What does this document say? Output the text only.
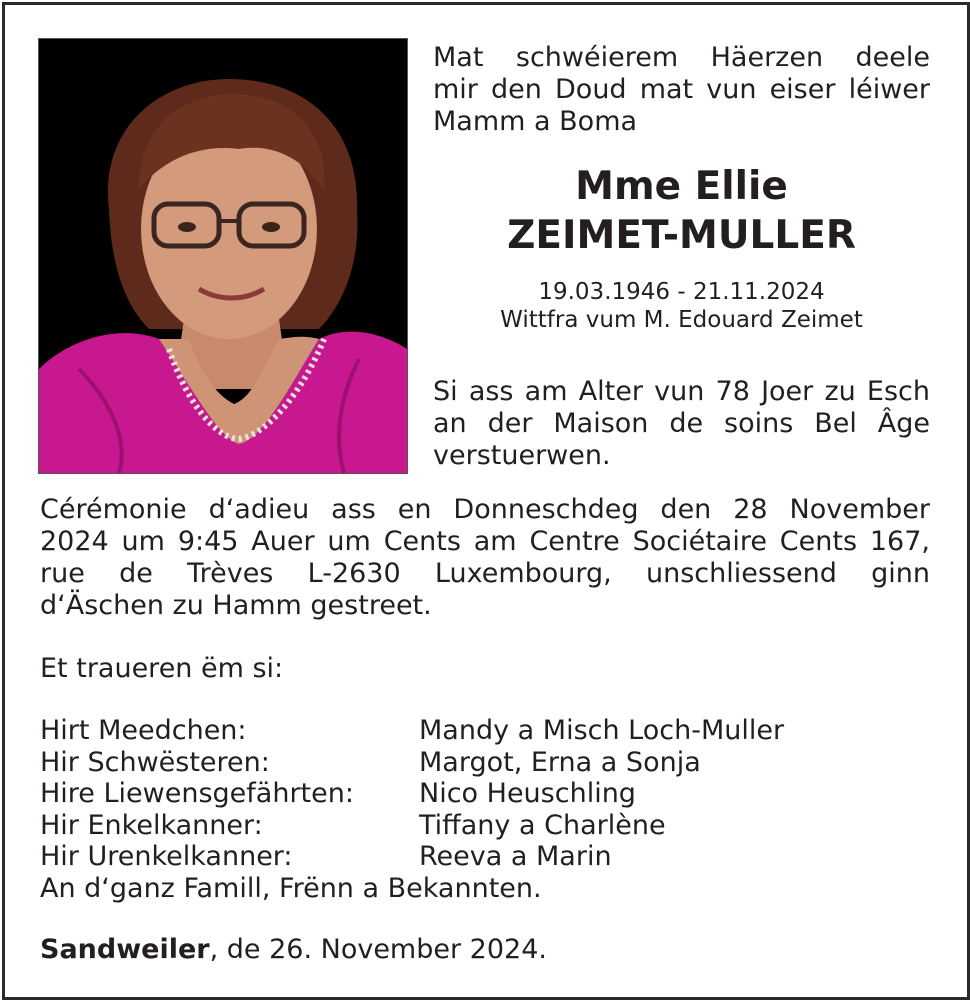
Mat schwéierem Häerzen deele
mir den Doud mat vun eiser léiwer
Mamm a Boma
Mme Ellie
ZEIMET-MULLER
19.03.1946 - 21.11.2024
Wittfra vum M. Edouard Zeimet
Si ass am Alter vun 78 Joer zu Esch
an der Maison de soins Bel Âge
verstuerwen.
Cérémonie d‘adieu ass en Donneschdeg den 28 November
2024 um 9:45 Auer um Cents am Centre Sociétaire Cents 167,
rue de Trèves L-2630 Luxembourg, unschliessend ginn
d‘Äschen zu Hamm gestreet.
Et traueren ëm si:
Hirt Meedchen:	Mandy a Misch Loch-Muller
Hir Schwësteren:	Margot, Erna a Sonja
Hire Liewensgefährten:	Nico Heuschling
Hir Enkelkanner:	Tiffany a Charlène
Hir Urenkelkanner:	Reeva a Marin
An d‘ganz Famill, Frënn a Bekannten.
Sandweiler, de 26. November 2024.
